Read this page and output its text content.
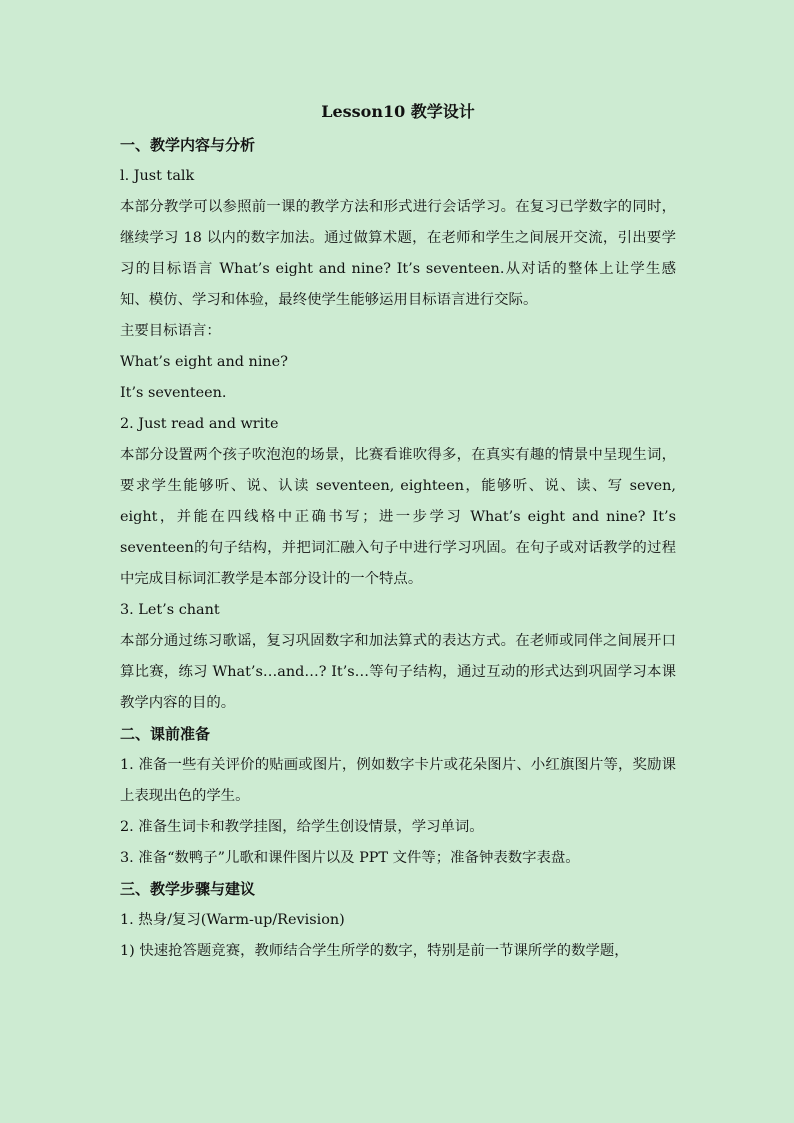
Lesson10 教学设计
一、教学内容与分析
l. Just talk
本部分教学可以参照前一课的教学方法和形式进行会话学习。在复习已学数字的同时，继续学习 18 以内的数字加法。通过做算术题，在老师和学生之间展开交流，引出要学习的目标语言 What’s eight and nine? It’s seventeen.从对话的整体上让学生感知、模仿、学习和体验，最终使学生能够运用目标语言进行交际。
主要目标语言：
What’s eight and nine?
It’s seventeen.
2. Just read and write
本部分设置两个孩子吹泡泡的场景，比赛看谁吹得多，在真实有趣的情景中呈现生词，要求学生能够听、说、认读 seventeen, eighteen，能够听、说、读、写 seven, eight，并能在四线格中正确书写；进一步学习 What’s eight and nine? It’s seventeen的句子结构，并把词汇融入句子中进行学习巩固。在句子或对话教学的过程中完成目标词汇教学是本部分设计的一个特点。
3. Let’s chant
本部分通过练习歌谣，复习巩固数字和加法算式的表达方式。在老师或同伴之间展开口算比赛，练习 What’s…and…? It’s…等句子结构，通过互动的形式达到巩固学习本课教学内容的目的。
二、课前准备
1. 准备一些有关评价的贴画或图片，例如数字卡片或花朵图片、小红旗图片等，奖励课上表现出色的学生。
2. 准备生词卡和教学挂图，给学生创设情景，学习单词。
3. 准备“数鸭子”儿歌和课件图片以及 PPT 文件等；准备钟表数字表盘。
三、教学步骤与建议
1. 热身/复习(Warm-up/Revision)
1) 快速抢答题竞赛，教师结合学生所学的数字，特别是前一节课所学的数学题，
